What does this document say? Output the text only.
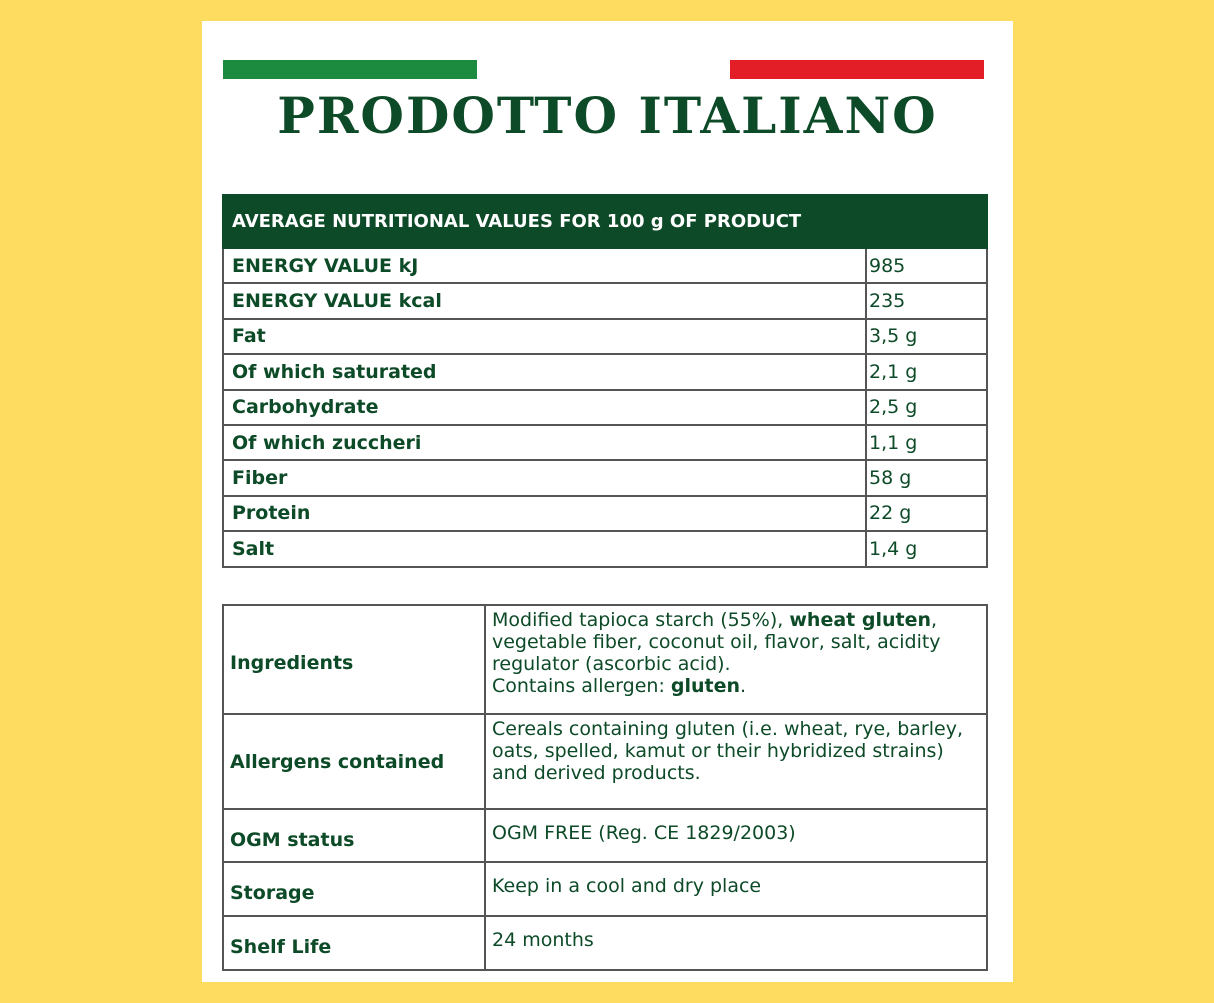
PRODOTTO ITALIANO
AVERAGE NUTRITIONAL VALUES FOR 100 g OF PRODUCT	
ENERGY VALUE kJ	985
ENERGY VALUE kcal	235
Fat	3,5 g
Of which saturated	2,1 g
Carbohydrate	2,5 g
Of which zuccheri	1,1 g
Fiber	58 g
Protein	22 g
Salt	1,4 g
Ingredients	Modified tapioca starch (55%), wheat gluten, vegetable fiber, coconut oil, flavor, salt, acidity regulator (ascorbic acid).
Contains allergen: gluten.
Allergens contained	Cereals containing gluten (i.e. wheat, rye, barley, oats, spelled, kamut or their hybridized strains) and derived products.
OGM status	OGM FREE (Reg. CE 1829/2003)
Storage	Keep in a cool and dry place
Shelf Life	24 months
